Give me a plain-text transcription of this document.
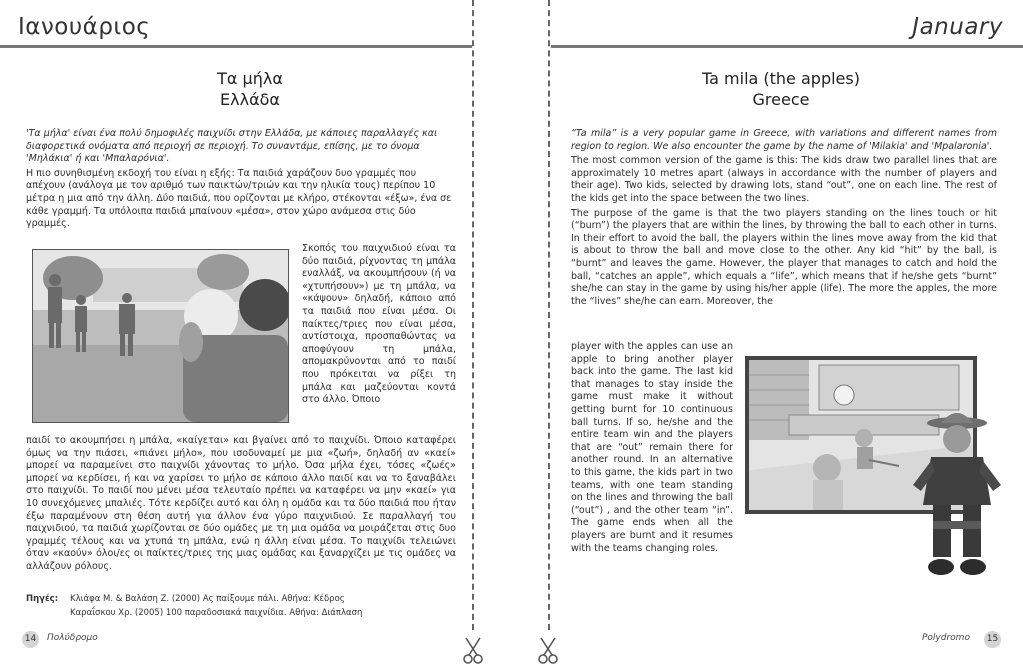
Ιανουάριος
Τα μήλα
Ελλάδα

'Τα μήλα' είναι ένα πολύ δημοφιλές παιχνίδι στην Ελλάδα, με κάποιες παραλλαγές και διαφορετικά ονόματα από περιοχή σε περιοχή. Το συναντάμε, επίσης, με το όνομα 'Μηλάκια' ή και 'Μπαλαρόνια'.

Η πιο συνηθισμένη εκδοχή του είναι η εξής: Τα παιδιά χαράζουν δυο γραμμές που απέχουν (ανάλογα με τον αριθμό των παικτών/τριών και την ηλικία τους) περίπου 10 μέτρα η μια από την άλλη. Δύο παιδιά, που ορίζονται με κλήρο, στέκονται «έξω», ένα σε κάθε γραμμή. Τα υπόλοιπα παιδιά μπαίνουν «μέσα», στον χώρο ανάμεσα στις δύο γραμμές.

Σκοπός του παιχνιδιού είναι τα δύο παιδιά, ρίχνοντας τη μπάλα εναλλάξ, να ακουμπήσουν (ή να «χτυπήσουν») με τη μπάλα, να «κάψουν» δηλαδή, κάποιο από τα παιδιά που είναι μέσα. Οι παίκτες/τριες που είναι μέσα, αντίστοιχα, προσπαθώντας να αποφύγουν τη μπάλα, απομακρύνονται από το παιδί που πρόκειται να ρίξει τη μπάλα και μαζεύονται κοντά στο άλλο. Όποιο
παιδί το ακουμπήσει η μπάλα, «καίγεται» και βγαίνει από το παιχνίδι. Όποιο καταφέρει όμως να την πιάσει, «πιάνει μήλο», που ισοδυναμεί με μια «ζωή», δηλαδή αν «καεί» μπορεί να παραμείνει στο παιχνίδι χάνοντας το μήλο. Όσα μήλα έχει, τόσες «ζωές» μπορεί να κερδίσει, ή και να χαρίσει το μήλο σε κάποιο άλλο παιδί και να το ξαναβάλει στο παιχνίδι. Το παιδί που μένει μέσα τελευταίο πρέπει να καταφέρει να μην «καεί» για 10 συνεχόμενες μπαλιές. Τότε κερδίζει αυτό και όλη η ομάδα και τα δύο παιδιά που ήταν έξω παραμένουν στη θέση αυτή για άλλον ένα γύρο παιχνιδιού. Σε παραλλαγή του παιχνιδιού, τα παιδιά χωρίζονται σε δύο ομάδες με τη μια ομάδα να μοιράζεται στις δυο γραμμές τέλους και να χτυπά τη μπάλα, ενώ η άλλη είναι μέσα. Το παιχνίδι τελειώνει όταν «καούν» όλοι/ες οι παίκτες/τριες της μιας ομάδας και ξαναρχίζει με τις ομάδες να αλλάζουν ρόλους.
Πηγές: Κλιάφα Μ. & Βαλάση Ζ. (2000) Ας παίξουμε πάλι. Αθήνα: Κέδρος
Καραΐσκου Χρ. (2005) 100 παραδοσιακά παιχνίδια. Αθήνα: Διάπλαση
14	Πολύδρομο
January
Ta mila (the apples)
Greece

“Ta mila” is a very popular game in Greece, with variations and different names from region to region. We also encounter the game by the name of 'Milakia' and 'Mpalaronia'.

The most common version of the game is this: The kids draw two parallel lines that are approximately 10 metres apart (always in accordance with the number of players and their age). Two kids, selected by drawing lots, stand “out”, one on each line. The rest of the kids get into the space between the two lines.

The purpose of the game is that the two players standing on the lines touch or hit (“burn”) the players that are within the lines, by throwing the ball to each other in turns. In their effort to avoid the ball, the players within the lines move away from the kid that is about to throw the ball and move close to the other. Any kid “hit” by the ball, is “burnt” and leaves the game. However, the player that manages to catch and hold the ball, “catches an apple”, which equals a “life”, which means that if he/she gets “burnt” she/he can stay in the game by using his/her apple (life). The more the apples, the more the “lives” she/he can earn. Moreover, the

player with the apples can use an apple to bring another player back into the game. The last kid that manages to stay inside the game must make it without getting burnt for 10 continuous ball turns. If so, he/she and the entire team win and the players that are “out” remain there for another round. In an alternative to this game, the kids part in two teams, with one team standing on the lines and throwing the ball (“out”) , and the other team “in”. The game ends when all the players are burnt and it resumes with the teams changing roles.
Polydromo	15
